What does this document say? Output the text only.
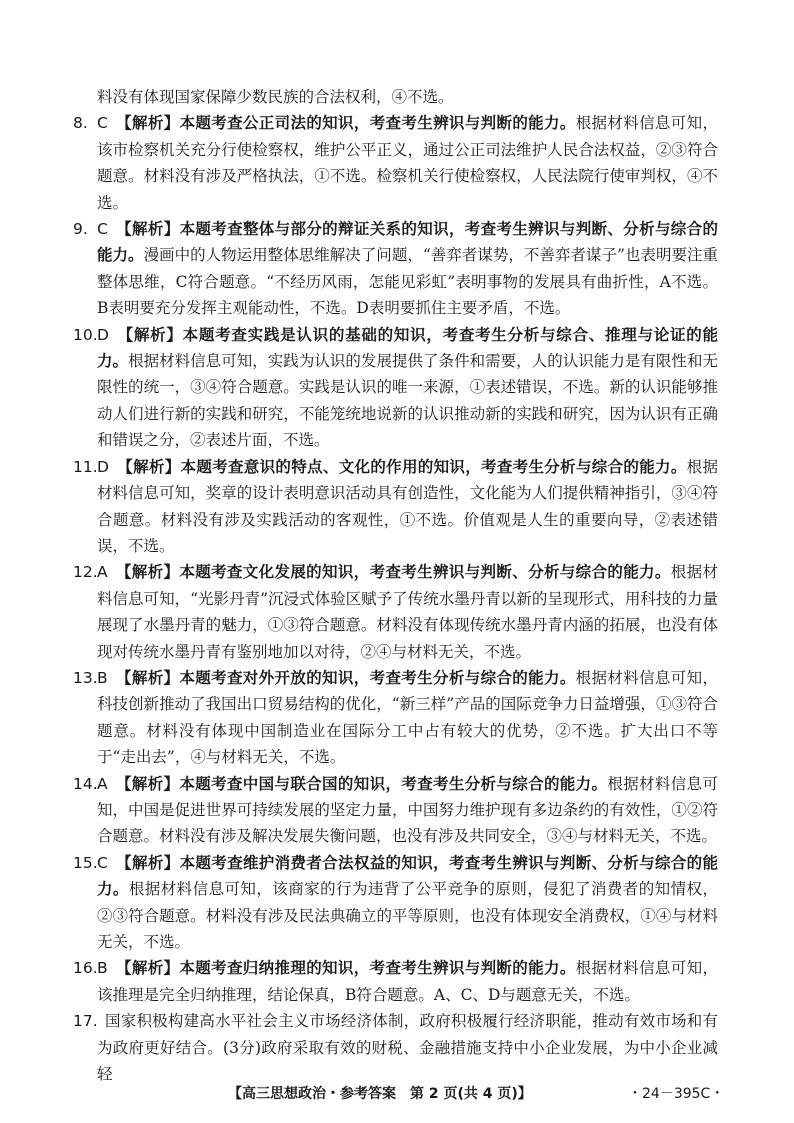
料没有体现国家保障少数民族的合法权利，④不选。

8. C 【解析】本题考查公正司法的知识，考查考生辨识与判断的能力。根据材料信息可知，该市检察机关充分行使检察权，维护公平正义，通过公正司法维护人民合法权益，②③符合题意。材料没有涉及严格执法，①不选。检察机关行使检察权，人民法院行使审判权，④不选。
9. C 【解析】本题考查整体与部分的辩证关系的知识，考查考生辨识与判断、分析与综合的能力。漫画中的人物运用整体思维解决了问题，“善弈者谋势，不善弈者谋子”也表明要注重整体思维，C符合题意。“不经历风雨，怎能见彩虹”表明事物的发展具有曲折性，A不选。B表明要充分发挥主观能动性，不选。D表明要抓住主要矛盾，不选。
10. D 【解析】本题考查实践是认识的基础的知识，考查考生分析与综合、推理与论证的能力。根据材料信息可知，实践为认识的发展提供了条件和需要，人的认识能力是有限性和无限性的统一，③④符合题意。实践是认识的唯一来源，①表述错误，不选。新的认识能够推动人们进行新的实践和研究，不能笼统地说新的认识推动新的实践和研究，因为认识有正确和错误之分，②表述片面，不选。
11. D 【解析】本题考查意识的特点、文化的作用的知识，考查考生分析与综合的能力。根据材料信息可知，奖章的设计表明意识活动具有创造性，文化能为人们提供精神指引，③④符合题意。材料没有涉及实践活动的客观性，①不选。价值观是人生的重要向导，②表述错误，不选。
12. A 【解析】本题考查文化发展的知识，考查考生辨识与判断、分析与综合的能力。根据材料信息可知，“光影丹青”沉浸式体验区赋予了传统水墨丹青以新的呈现形式，用科技的力量展现了水墨丹青的魅力，①③符合题意。材料没有体现传统水墨丹青内涵的拓展，也没有体现对传统水墨丹青有鉴别地加以对待，②④与材料无关，不选。
13. B 【解析】本题考查对外开放的知识，考查考生分析与综合的能力。根据材料信息可知，科技创新推动了我国出口贸易结构的优化，“新三样”产品的国际竞争力日益增强，①③符合题意。材料没有体现中国制造业在国际分工中占有较大的优势，②不选。扩大出口不等于“走出去”，④与材料无关，不选。
14. A 【解析】本题考查中国与联合国的知识，考查考生分析与综合的能力。根据材料信息可知，中国是促进世界可持续发展的坚定力量，中国努力维护现有多边条约的有效性，①②符合题意。材料没有涉及解决发展失衡问题，也没有涉及共同安全，③④与材料无关，不选。
15. C 【解析】本题考查维护消费者合法权益的知识，考查考生辨识与判断、分析与综合的能力。根据材料信息可知，该商家的行为违背了公平竞争的原则，侵犯了消费者的知情权，②③符合题意。材料没有涉及民法典确立的平等原则，也没有体现安全消费权，①④与材料无关，不选。
16. B 【解析】本题考查归纳推理的知识，考查考生辨识与判断的能力。根据材料信息可知，该推理是完全归纳推理，结论保真，B符合题意。A、C、D与题意无关，不选。
17. 国家积极构建高水平社会主义市场经济体制，政府积极履行经济职能，推动有效市场和有为政府更好结合。(3分)政府采取有效的财税、金融措施支持中小企业发展，为中小企业减轻
【高三思想政治・参考答案　第 2 页(共 4 页)】	・24－395C・
